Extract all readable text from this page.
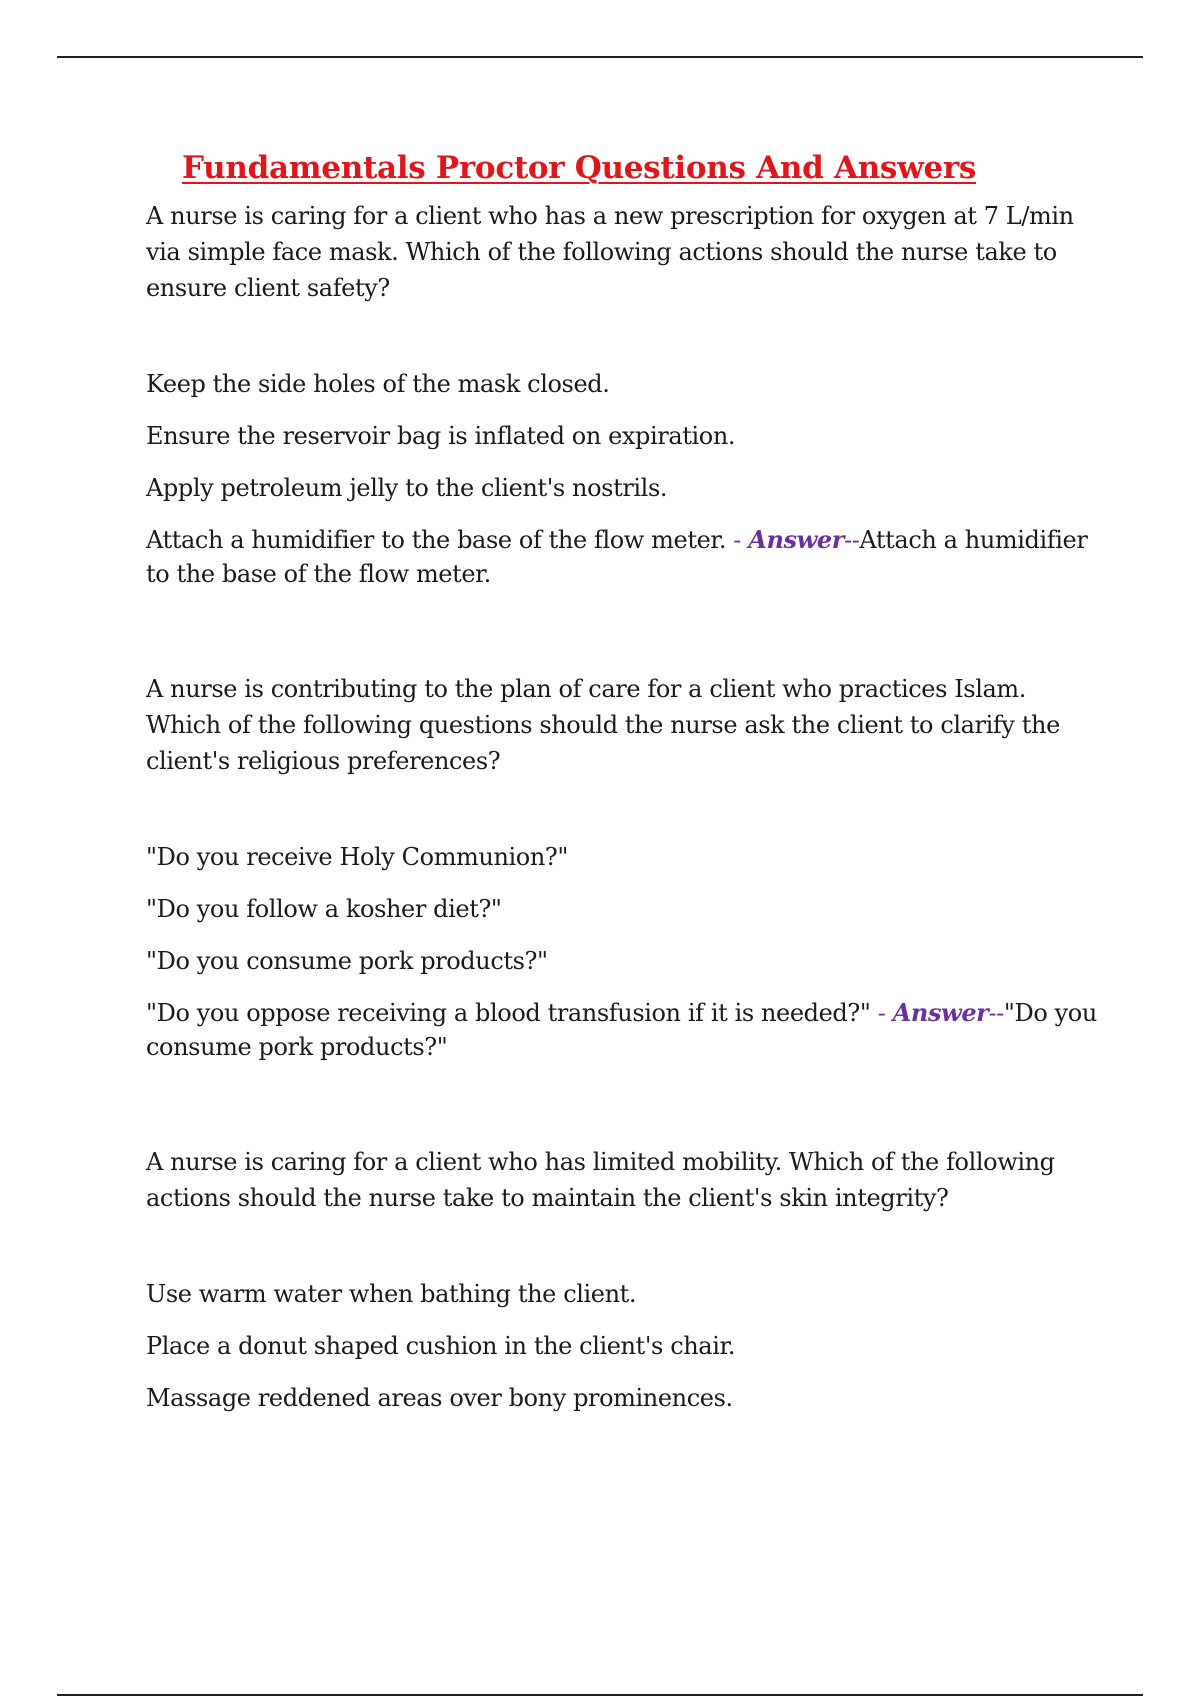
Fundamentals Proctor Questions And Answers

A nurse is caring for a client who has a new prescription for oxygen at 7 L/min via simple face mask. Which of the following actions should the nurse take to ensure client safety?

Keep the side holes of the mask closed.
Ensure the reservoir bag is inflated on expiration.
Apply petroleum jelly to the client's nostrils.
Attach a humidifier to the base of the flow meter. - Answer--Attach a humidifier to the base of the flow meter.

A nurse is contributing to the plan of care for a client who practices Islam. Which of the following questions should the nurse ask the client to clarify the client's religious preferences?

"Do you receive Holy Communion?"
"Do you follow a kosher diet?"
"Do you consume pork products?"
"Do you oppose receiving a blood transfusion if it is needed?" - Answer--"Do you consume pork products?"

A nurse is caring for a client who has limited mobility. Which of the following actions should the nurse take to maintain the client's skin integrity?

Use warm water when bathing the client.
Place a donut shaped cushion in the client's chair.
Massage reddened areas over bony prominences.
